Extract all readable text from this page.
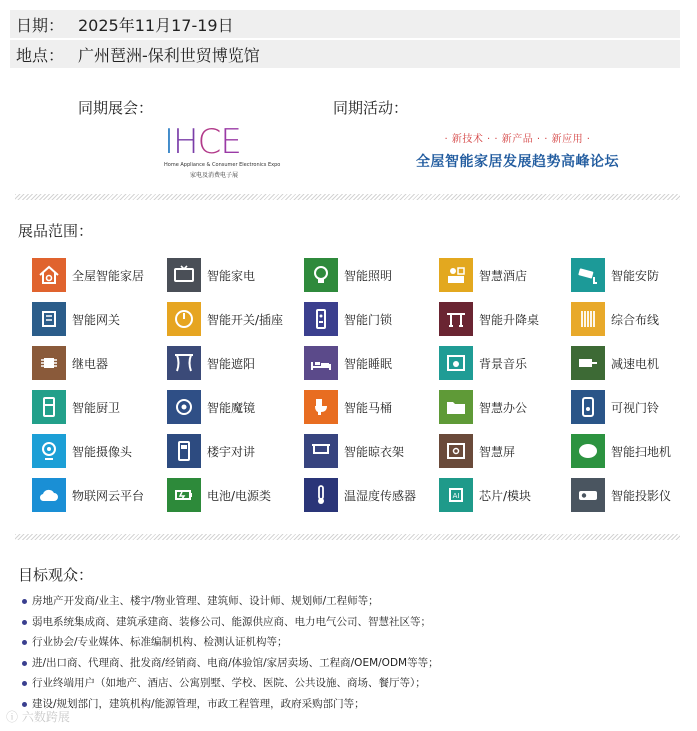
日期： 2025年11月17-19日
地点： 广州琶洲-保利世贸博览馆
同期展会：	同期活动：
IHCE
Home Appliance & Consumer Electronics Expo
家电及消费电子展
· 新技术 · · 新产品 · · 新应用 ·
全屋智能家居发展趋势高峰论坛
展品范围：
全屋智能家居	智能家电	智能照明	智慧酒店	智能安防
智能网关	智能开关/插座	智能门锁	智能升降桌	综合布线
继电器	智能遮阳	智能睡眠	背景音乐	减速电机
智能厨卫	智能魔镜	智能马桶	智慧办公	可视门铃
智能摄像头	楼宇对讲	智能晾衣架	智慧屏	智能扫地机
物联网云平台	电池/电源类	温湿度传感器	AI 芯片/模块	智能投影仪
目标观众：
房地产开发商/业主、楼宇/物业管理、建筑师、设计师、规划师/工程师等；
弱电系统集成商、建筑承建商、装修公司、能源供应商、电力电气公司、智慧社区等；
行业协会/专业媒体、标准编制机构、检测认证机构等；
进/出口商、代理商、批发商/经销商、电商/体验馆/家居卖场、工程商/OEM/ODM等等；
行业终端用户（如地产、酒店、公寓别墅、学校、医院、公共设施、商场、餐厅等）；
建设/规划部门，建筑机构/能源管理，市政工程管理，政府采购部门等；
ⓘ 六数跨展
